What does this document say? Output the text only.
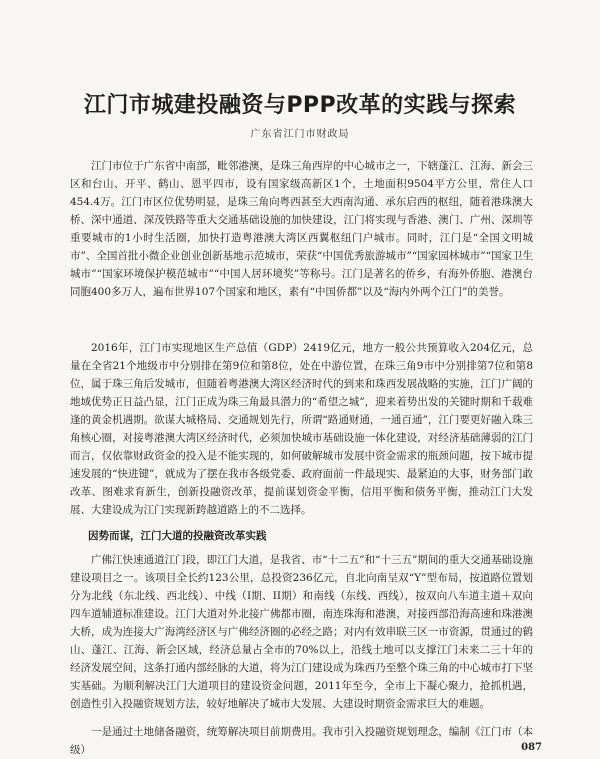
江门市城建投融资与PPP改革的实践与探索
广东省江门市财政局

江门市位于广东省中南部，毗邻港澳，是珠三角西岸的中心城市之一，下辖蓬江、江海、新会三区和台山、开平、鹤山、恩平四市，设有国家级高新区1个，土地面积9504平方公里，常住人口454.4万。江门市区位优势明显，是珠三角向粤西甚至大西南沟通、承东启西的枢纽，随着港珠澳大桥、深中通道、深茂铁路等重大交通基础设施的加快建设，江门将实现与香港、澳门、广州、深圳等重要城市的1小时生活圈，加快打造粤港澳大湾区西翼枢纽门户城市。同时，江门是“全国文明城市”、全国首批小微企业创业创新基地示范城市，荣获“中国优秀旅游城市”“国家园林城市”“国家卫生城市”“国家环境保护模范城市”“中国人居环境奖”等称号。江门是著名的侨乡，有海外侨胞、港澳台同胞400多万人，遍布世界107个国家和地区，素有“中国侨都”以及“海内外两个江门”的美誉。

2016年，江门市实现地区生产总值（GDP）2419亿元，地方一般公共预算收入204亿元，总量在全省21个地级市中分别排在第9位和第8位，处在中游位置，在珠三角9市中分别排第7位和第8位，属于珠三角后发城市，但随着粤港澳大湾区经济时代的到来和珠西发展战略的实施，江门广阔的地域优势正日益凸显，江门正成为珠三角最具潜力的“希望之城”，迎来着势出发的关键时期和千载难逢的黄金机遇期。欲谋大城格局、交通规划先行，所谓“路通财通，一通百通”，江门要更好融入珠三角核心圈，对接粤港澳大湾区经济时代，必须加快城市基础设施一体化建设，对经济基础薄弱的江门而言，仅依靠财政资金的投入是不能实现的，如何破解城市发展中资金需求的瓶颈问题，按下城市提速发展的“快进键”，就成为了摆在我市各级党委、政府面前一件最现实、最紧迫的大事，财务部门敢改革、图难求育新生，创新投融资改革，提前谋划资金平衡，信用平衡和债务平衡，推动江门大发展、大建设成为江门实现新跨越道路上的不二选择。

因势而谋，江门大道的投融资改革实践

广佛江快速通道江门段，即江门大道，是我省、市“十二五”和“十三五”期间的重大交通基础设施建设项目之一。该项目全长约123公里，总投资236亿元，自北向南呈双“Y”型布局，按道路位置划分为北线（东北线、西北线）、中线（I期、II期）和南线（东线、西线），按双向八车道主道＋双向四车道辅道标准建设。江门大道对外北接广佛都市圈，南连珠海和港澳，对接西部沿海高速和珠港澳大桥，成为连接大广海湾经济区与广佛经济圈的必经之路；对内有效串联三区一市资源，贯通过的鹤山、蓬江、江海、新会区域，经济总量占全市的70%以上，沿线土地可以支撑江门未来二三十年的经济发展空间，这条打通内部经脉的大道，将为江门建设成为珠西乃至整个珠三角的中心城市打下坚实基础。为顺利解决江门大道项目的建设资金问题，2011年至今，全市上下凝心聚力，抢抓机遇，创造性引入投融资规划方法，较好地解决了城市大发展、大建设时期资金需求巨大的难题。

一是通过土地储备融资，统筹解决项目前期费用。我市引入投融资规划理念，编制《江门市（本级）	087
